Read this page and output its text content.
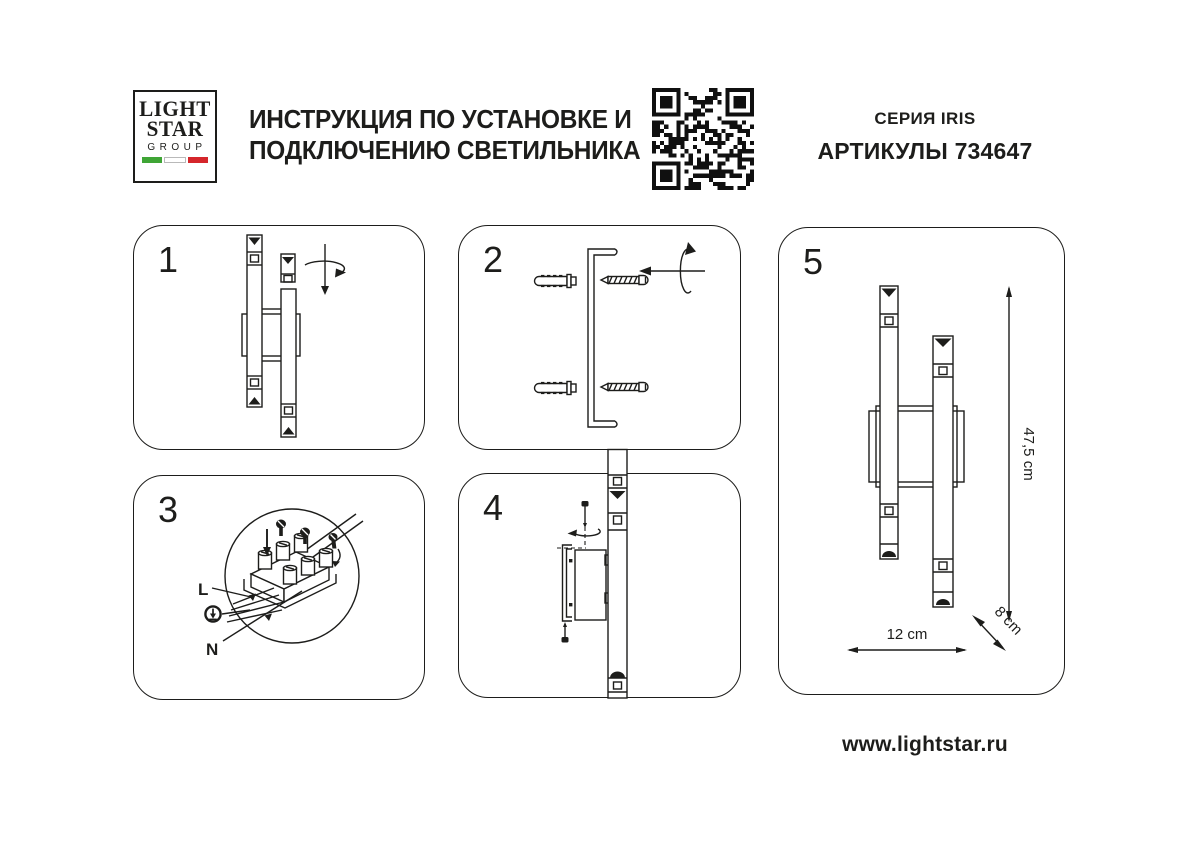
LIGHT
STAR
GROUP
ИНСТРУКЦИЯ ПО УСТАНОВКЕ И
ПОДКЛЮЧЕНИЮ СВЕТИЛЬНИКА
СЕРИЯ IRIS
АРТИКУЛЫ 734647
1	2
3
L
N
4
5
47,5 cm
12 cm	8 cm
www.lightstar.ru
